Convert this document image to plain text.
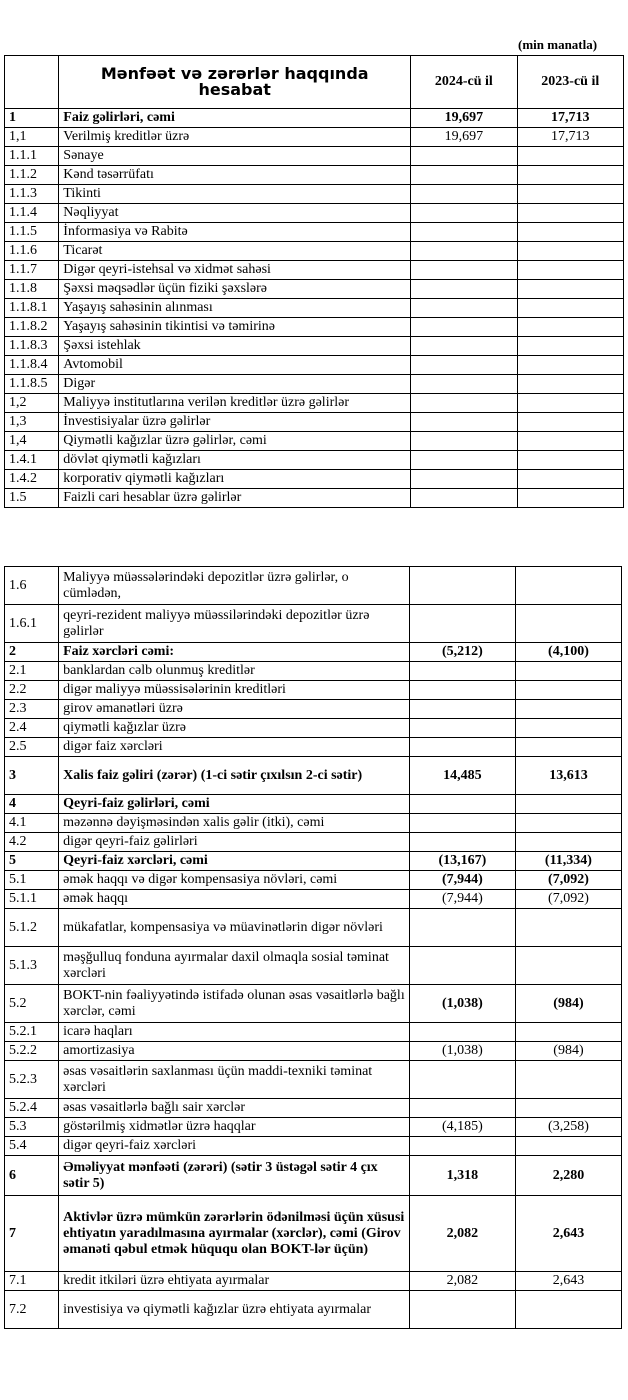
(min manatla)
	Mənfəət və zərərlər haqqında hesabat	2024-cü il	2023-cü il
1	Faiz gəlirləri, cəmi	19,697	17,713
1,1	Verilmiş kreditlər üzrə	19,697	17,713
1.1.1	Sənaye		
1.1.2	Kənd təsərrüfatı		
1.1.3	Tikinti		
1.1.4	Nəqliyyat		
1.1.5	İnformasiya və Rabitə		
1.1.6	Ticarət		
1.1.7	Digər qeyri-istehsal və xidmət sahəsi		
1.1.8	Şəxsi məqsədlər üçün fiziki şəxslərə		
1.1.8.1	Yaşayış sahəsinin alınması		
1.1.8.2	Yaşayış sahəsinin tikintisi və təmirinə		
1.1.8.3	Şəxsi istehlak		
1.1.8.4	Avtomobil		
1.1.8.5	Digər		
1,2	Maliyyə institutlarına verilən kreditlər üzrə gəlirlər		
1,3	İnvestisiyalar üzrə gəlirlər		
1,4	Qiymətli kağızlar üzrə gəlirlər, cəmi		
1.4.1	dövlət qiymətli kağızları		
1.4.2	korporativ qiymətli kağızları		
1.5	Faizli cari hesablar üzrə gəlirlər		
1.6	Maliyyə müəssələrindəki depozitlər üzrə gəlirlər, o cümlədən,		
1.6.1	qeyri-rezident maliyyə müəssilərindəki depozitlər üzrə gəlirlər		
2	Faiz xərcləri cəmi:	(5,212)	(4,100)
2.1	banklardan cəlb olunmuş kreditlər		
2.2	digər maliyyə müəssisələrinin kreditləri		
2.3	girov əmanətləri üzrə		
2.4	qiymətli kağızlar üzrə		
2.5	digər faiz xərcləri		
3	Xalis faiz gəliri (zərər) (1-ci sətir çıxılsın 2-ci sətir)	14,485	13,613
4	Qeyri-faiz gəlirləri, cəmi		
4.1	məzənnə dəyişməsindən xalis gəlir (itki), cəmi		
4.2	digər qeyri-faiz gəlirləri		
5	Qeyri-faiz xərcləri, cəmi	(13,167)	(11,334)
5.1	əmək haqqı və digər kompensasiya növləri, cəmi	(7,944)	(7,092)
5.1.1	əmək haqqı	(7,944)	(7,092)
5.1.2	mükafatlar, kompensasiya və müavinətlərin digər növləri		
5.1.3	məşğulluq fonduna ayırmalar daxil olmaqla sosial təminat xərcləri		
5.2	BOKT-nin fəaliyyətində istifadə olunan əsas vəsaitlərlə bağlı xərclər, cəmi	(1,038)	(984)
5.2.1	icarə haqları		
5.2.2	amortizasiya	(1,038)	(984)
5.2.3	əsas vəsaitlərin saxlanması üçün maddi-texniki təminat xərcləri		
5.2.4	əsas vəsaitlərlə bağlı sair xərclər		
5.3	göstərilmiş xidmətlər üzrə haqqlar	(4,185)	(3,258)
5.4	digər qeyri-faiz xərcləri		
6	Əməliyyat mənfəəti (zərəri) (sətir 3 üstəgəl sətir 4 çıx sətir 5)	1,318	2,280
7	Aktivlər üzrə mümkün zərərlərin ödənilməsi üçün xüsusi ehtiyatın yaradılmasına ayırmalar (xərclər), cəmi (Girov əmanəti qəbul etmək hüququ olan BOKT-lər üçün)	2,082	2,643
7.1	kredit itkiləri üzrə ehtiyata ayırmalar	2,082	2,643
7.2	investisiya və qiymətli kağızlar üzrə ehtiyata ayırmalar		
